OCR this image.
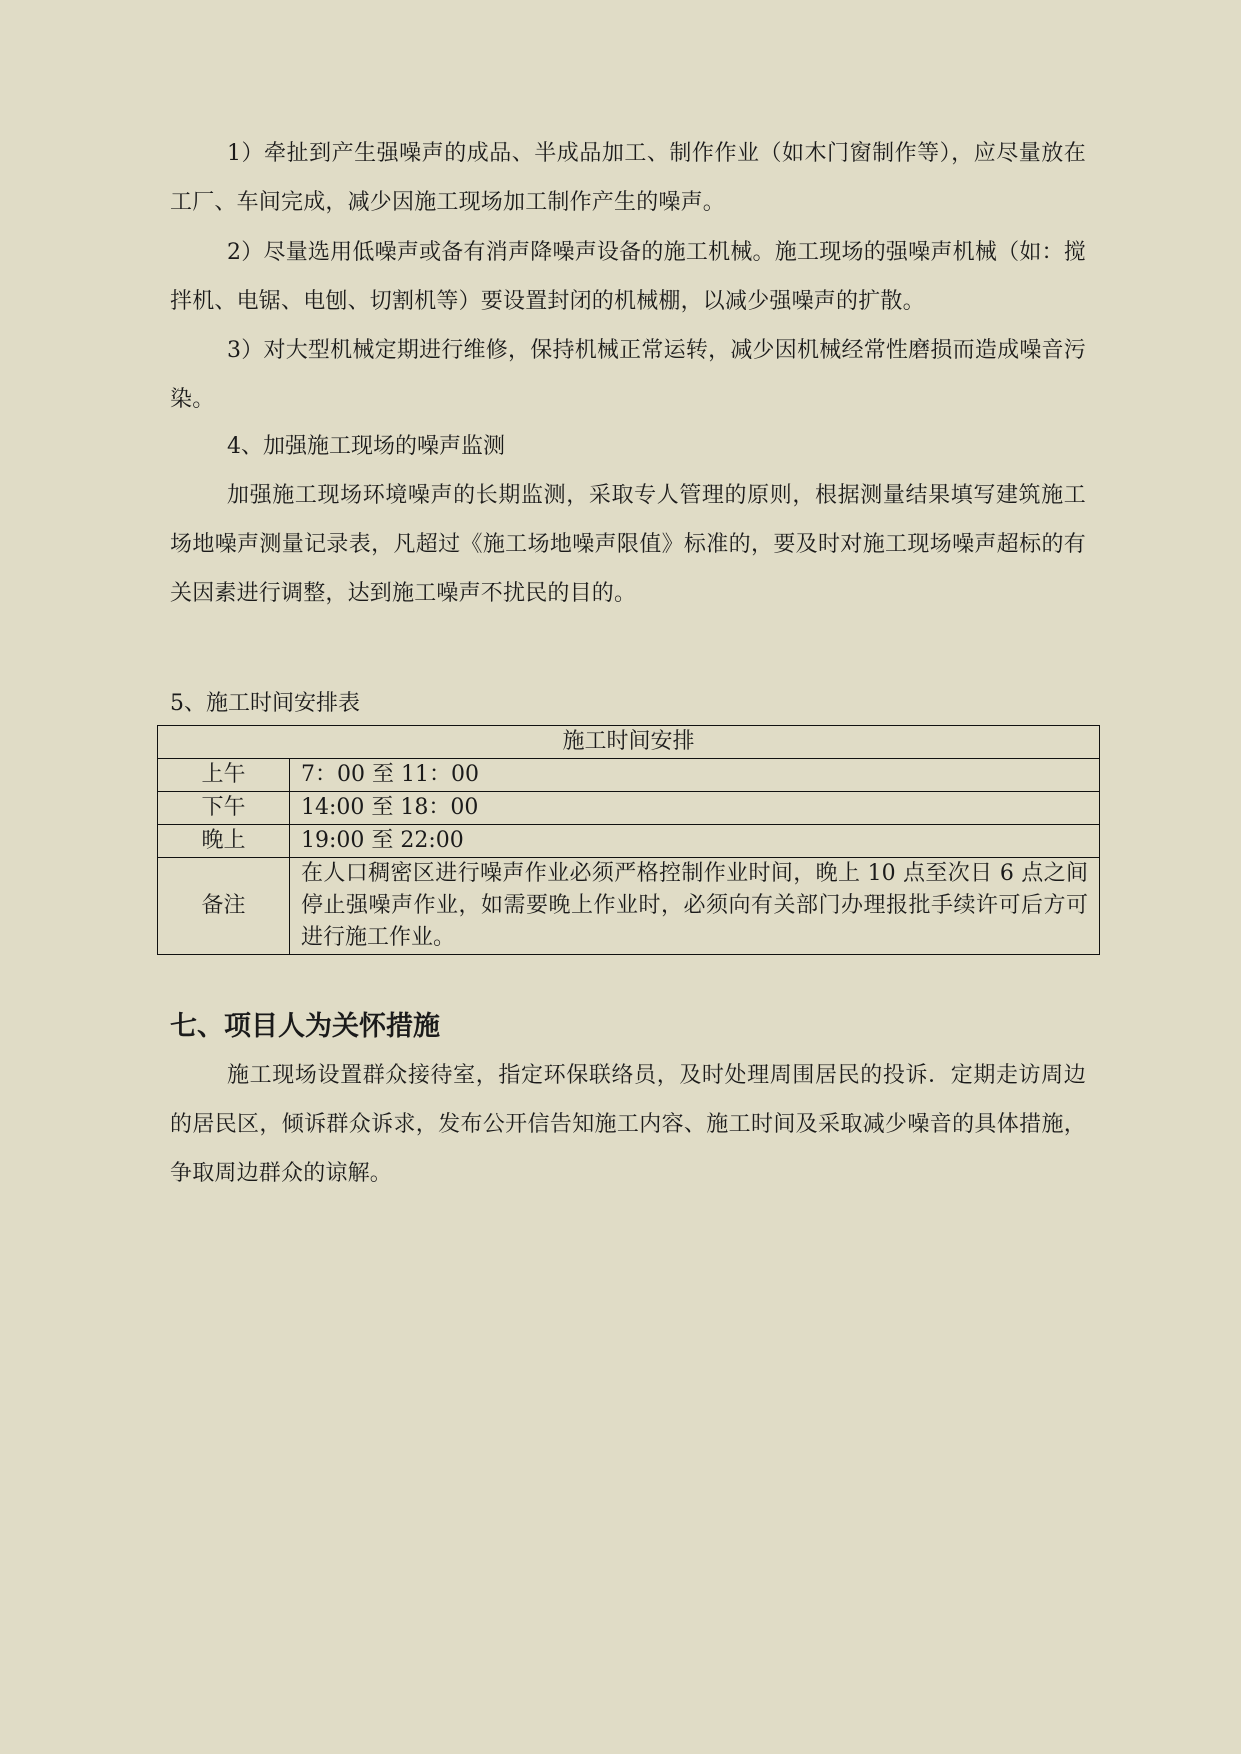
1）牵扯到产生强噪声的成品、半成品加工、制作作业（如木门窗制作等），应尽量放在工厂、车间完成，减少因施工现场加工制作产生的噪声。

2）尽量选用低噪声或备有消声降噪声设备的施工机械。施工现场的强噪声机械（如：搅拌机、电锯、电刨、切割机等）要设置封闭的机械棚，以减少强噪声的扩散。

3）对大型机械定期进行维修，保持机械正常运转，减少因机械经常性磨损而造成噪音污染。

4、加强施工现场的噪声监测

加强施工现场环境噪声的长期监测，采取专人管理的原则，根据测量结果填写建筑施工场地噪声测量记录表，凡超过《施工场地噪声限值》标准的，要及时对施工现场噪声超标的有关因素进行调整，达到施工噪声不扰民的目的。

5、施工时间安排表

施工时间安排	
上午	7：00 至 11：00
下午	14:00 至 18：00
晚上	19:00 至 22:00
备注	在人口稠密区进行噪声作业必须严格控制作业时间，晚上 10 点至次日 6 点之间停止强噪声作业，如需要晚上作业时，必须向有关部门办理报批手续许可后方可进行施工作业。
七、项目人为关怀措施

施工现场设置群众接待室，指定环保联络员，及时处理周围居民的投诉．定期走访周边的居民区，倾诉群众诉求，发布公开信告知施工内容、施工时间及采取减少噪音的具体措施，争取周边群众的谅解。
